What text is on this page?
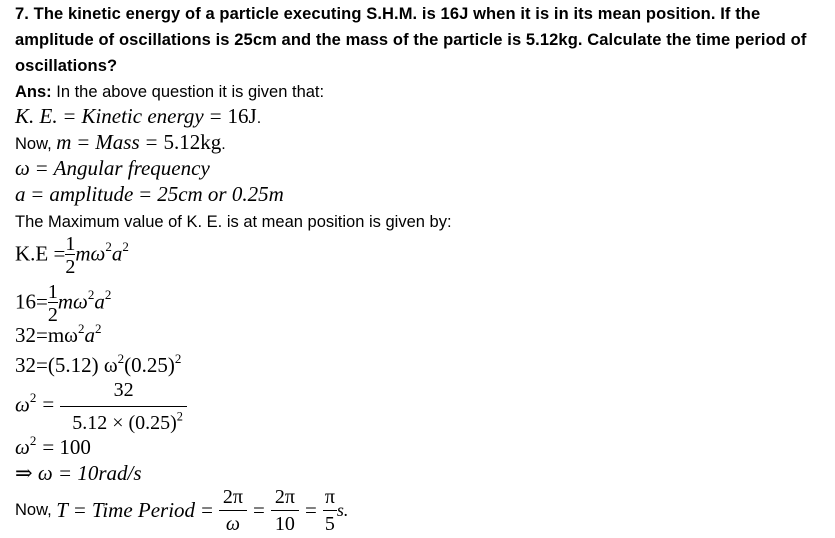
7. The kinetic energy of a particle executing S.H.M. is 16J when it is in its mean position. If the
amplitude of oscillations is 25cm and the mass of the particle is 5.12kg. Calculate the time period of
oscillations?
Ans: In the above question it is given that:
K. E. = Kinetic energy = 16J.
Now, m = Mass = 5.12kg.
ω = Angular frequency
a = amplitude = 25cm or 0.25m
The Maximum value of K. E. is at mean position is given by:
$K.E = \frac{1}{2} m\omega^2a^2$
$16= \frac{1}{2} m\omega^2a^2$
$32=m\omega^2a^2$
32=(5.12) $\omega^2(0.25)^2$
$\omega^2 = \frac{32}{5.12 \times (0.25)^2}$
$\omega^2 = 100$
⇒ ω = 10rad/s
Now, T = Time Period = $\frac{2\pi}{\omega} = \frac{2\pi}{10} = \frac{\pi}{5} s$.
